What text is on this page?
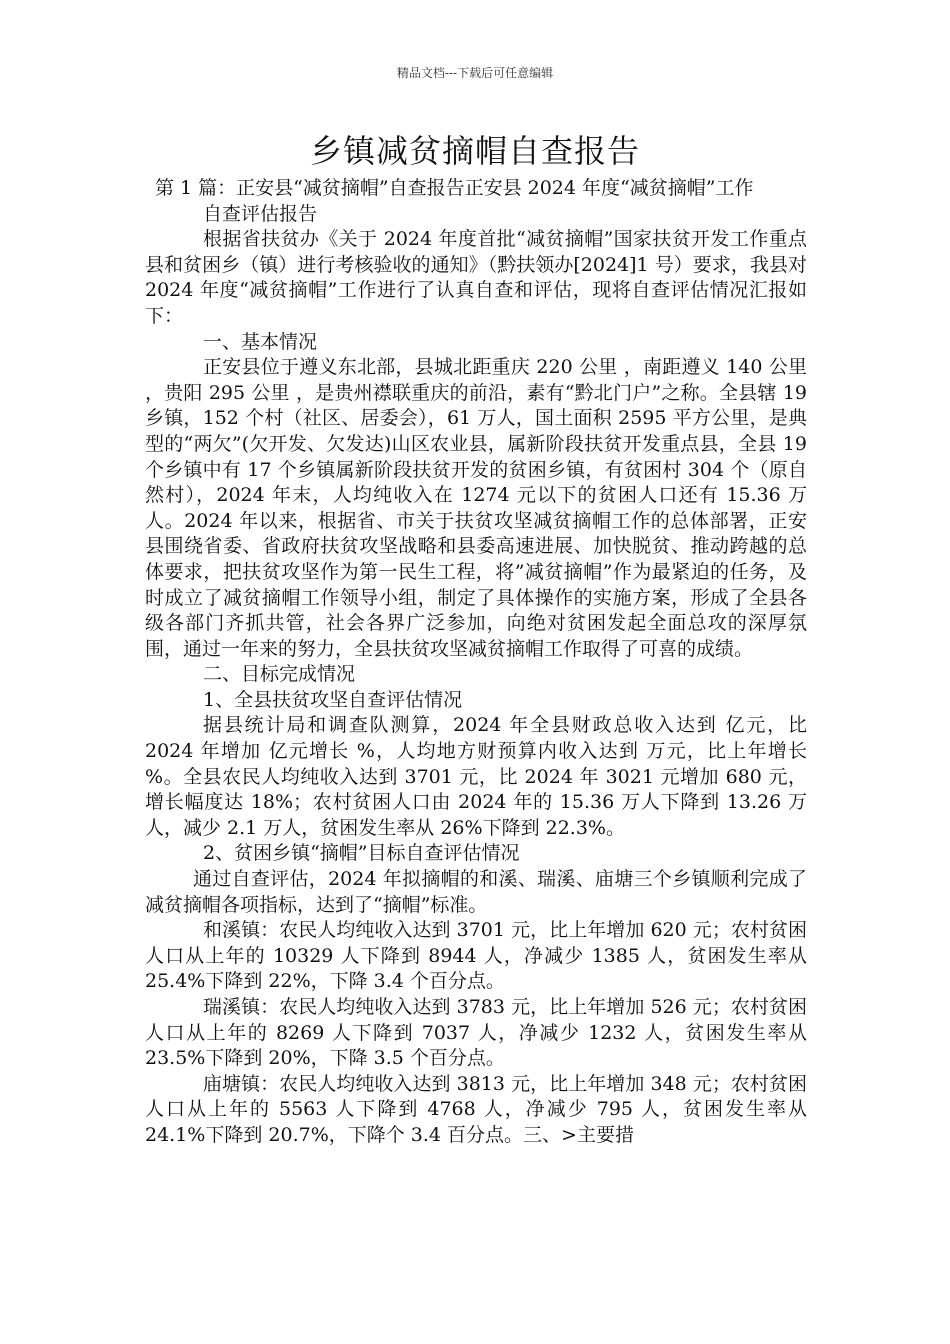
精品文档---下载后可任意编辑
乡镇减贫摘帽自查报告

第 1 篇：正安县“减贫摘帽”自查报告正安县 2024 年度“减贫摘帽”工作

自查评估报告

根据省扶贫办《关于 2024 年度首批“减贫摘帽”国家扶贫开发工作重点县和贫困乡（镇）进行考核验收的通知》（黔扶领办[2024]1 号）要求，我县对 2024 年度“减贫摘帽”工作进行了认真自查和评估，现将自查评估情况汇报如下：

一、基本情况

正安县位于遵义东北部，县城北距重庆 220 公里 ，南距遵义 140 公里 ，贵阳 295 公里 ，是贵州襟联重庆的前沿，素有“黔北门户”之称。全县辖 19 乡镇，152 个村（社区、居委会），61 万人，国土面积 2595 平方公里，是典型的“两欠”(欠开发、欠发达)山区农业县，属新阶段扶贫开发重点县，全县 19 个乡镇中有 17 个乡镇属新阶段扶贫开发的贫困乡镇，有贫困村 304 个（原自然村），2024 年末，人均纯收入在 1274 元以下的贫困人口还有 15.36 万人。2024 年以来，根据省、市关于扶贫攻坚减贫摘帽工作的总体部署，正安县围绕省委、省政府扶贫攻坚战略和县委高速进展、加快脱贫、推动跨越的总体要求，把扶贫攻坚作为第一民生工程，将”减贫摘帽”作为最紧迫的任务，及时成立了减贫摘帽工作领导小组，制定了具体操作的实施方案，形成了全县各级各部门齐抓共管，社会各界广泛参加，向绝对贫困发起全面总攻的深厚氛围，通过一年来的努力，全县扶贫攻坚减贫摘帽工作取得了可喜的成绩。

二、目标完成情况

1、全县扶贫攻坚自查评估情况

据县统计局和调查队测算，2024 年全县财政总收入达到 亿元，比 2024 年增加 亿元增长 %，人均地方财预算内收入达到 万元，比上年增长 %。全县农民人均纯收入达到 3701 元，比 2024 年 3021 元增加 680 元，增长幅度达 18%；农村贫困人口由 2024 年的 15.36 万人下降到 13.26 万人，减少 2.1 万人，贫困发生率从 26%下降到 22.3%。

2、贫困乡镇“摘帽”目标自查评估情况

通过自查评估，2024 年拟摘帽的和溪、瑞溪、庙塘三个乡镇顺利完成了减贫摘帽各项指标，达到了“摘帽”标准。

和溪镇：农民人均纯收入达到 3701 元，比上年增加 620 元；农村贫困人口从上年的 10329 人下降到 8944 人，净减少 1385 人，贫困发生率从 25.4%下降到 22%，下降 3.4 个百分点。

瑞溪镇：农民人均纯收入达到 3783 元，比上年增加 526 元；农村贫困人口从上年的 8269 人下降到 7037 人，净减少 1232 人，贫困发生率从 23.5%下降到 20%，下降 3.5 个百分点。

庙塘镇：农民人均纯收入达到 3813 元，比上年增加 348 元；农村贫困人口从上年的 5563 人下降到 4768 人，净减少 795 人，贫困发生率从 24.1%下降到 20.7%，下降个 3.4 百分点。三、>主要措
